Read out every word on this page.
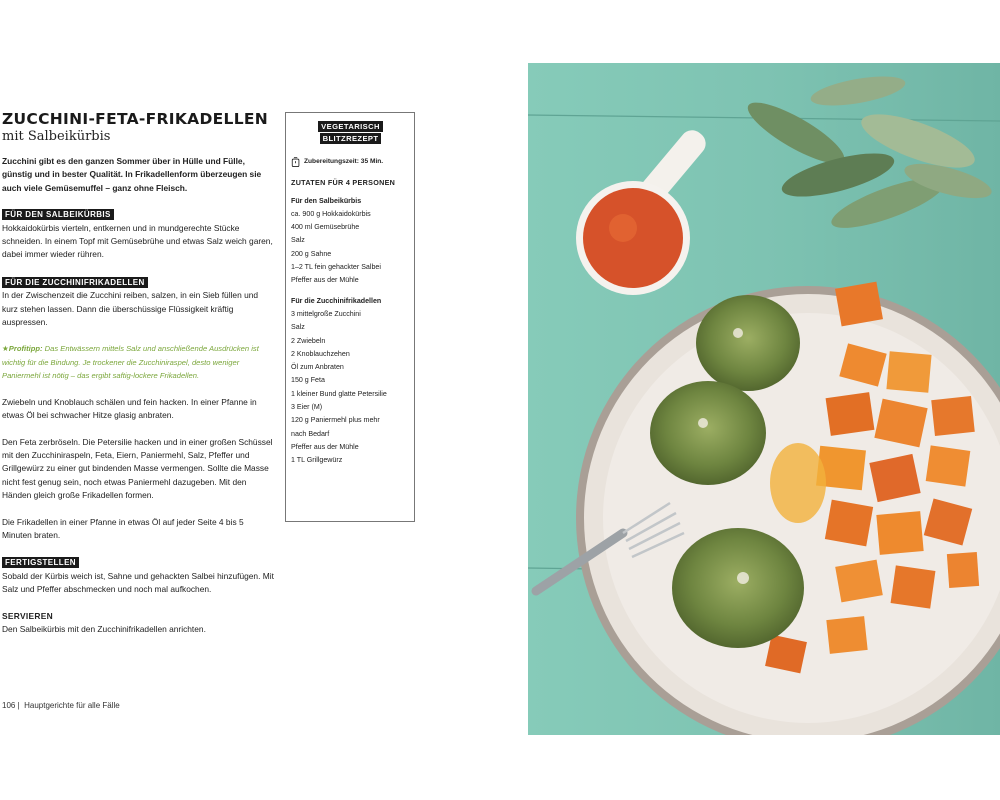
ZUCCHINI-FETA-FRIKADELLEN
mit Salbeikürbis

Zucchini gibt es den ganzen Sommer über in Hülle und Fülle, günstig und in bester Qualität. In Frikadellenform überzeugen sie auch viele Gemüsemuffel – ganz ohne Fleisch.

FÜR DEN SALBEIKÜRBIS

Hokkaidokürbis vierteln, entkernen und in mundgerechte Stücke schneiden. In einem Topf mit Gemüsebrühe und etwas Salz weich garen, dabei immer wieder rühren.

FÜR DIE ZUCCHINIFRIKADELLEN

In der Zwischenzeit die Zucchini reiben, salzen, in ein Sieb füllen und kurz stehen lassen. Dann die überschüssige Flüssigkeit kräftig auspressen.

★Profitipp: Das Entwässern mittels Salz und anschließende Ausdrücken ist wichtig für die Bindung. Je trockener die Zucchiniraspel, desto weniger Paniermehl ist nötig – das ergibt saftig-lockere Frikadellen.

Zwiebeln und Knoblauch schälen und fein hacken. In einer Pfanne in etwas Öl bei schwacher Hitze glasig anbraten.

Den Feta zerbröseln. Die Petersilie hacken und in einer großen Schüssel mit den Zucchiniraspeln, Feta, Eiern, Paniermehl, Salz, Pfeffer und Grillgewürz zu einer gut bindenden Masse vermengen. Sollte die Masse nicht fest genug sein, noch etwas Paniermehl dazugeben. Mit den Händen gleich große Frikadellen formen.

Die Frikadellen in einer Pfanne in etwas Öl auf jeder Seite 4 bis 5 Minuten braten.

FERTIGSTELLEN

Sobald der Kürbis weich ist, Sahne und gehackten Salbei hinzufügen. Mit Salz und Pfeffer abschmecken und noch mal aufkochen.

SERVIEREN

Den Salbeikürbis mit den Zucchinifrikadellen anrichten.

VEGETARISCH
BLITZREZEPT
Zubereitungszeit: 35 Min.
ZUTATEN FÜR 4 PERSONEN
Für den Salbeikürbis
ca. 900 g Hokkaidokürbis
400 ml Gemüsebrühe
Salz
200 g Sahne
1–2 TL fein gehackter Salbei
Pfeffer aus der Mühle
Für die Zucchinifrikadellen
3 mittelgroße Zucchini
Salz
2 Zwiebeln
2 Knoblauchzehen
Öl zum Anbraten
150 g Feta
1 kleiner Bund glatte Petersilie
3 Eier (M)
120 g Paniermehl plus mehr
nach Bedarf
Pfeffer aus der Mühle
1 TL Grillgewürz
106 |  Hauptgerichte für alle Fälle
